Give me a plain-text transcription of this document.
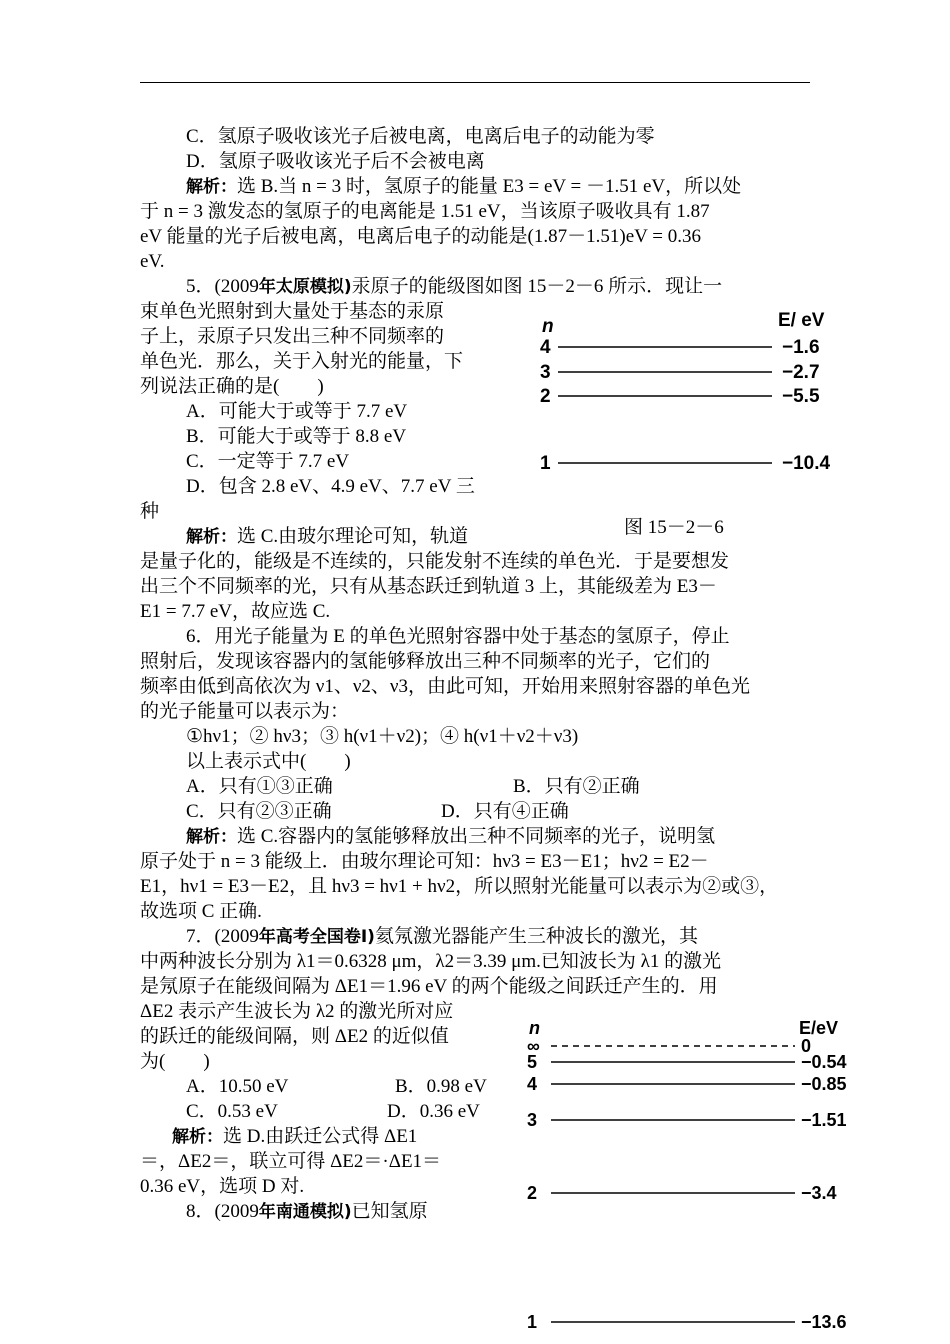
C．氢原子吸收该光子后被电离，电离后电子的动能为零
D．氢原子吸收该光子后不会被电离
解析：选 B.当 n = 3 时，氢原子的能量 E3 = eV = －1.51 eV，所以处
于 n = 3 激发态的氢原子的电离能是 1.51 eV，当该原子吸收具有 1.87
eV 能量的光子后被电离，电离后电子的动能是(1.87－1.51)eV = 0.36
eV.
5．(2009年太原模拟)汞原子的能级图如图 15－2－6 所示．现让一
束单色光照射到大量处于基态的汞原
子上，汞原子只发出三种不同频率的
单色光．那么，关于入射光的能量，下
列说法正确的是(　　)
A．可能大于或等于 7.7 eV
B．可能大于或等于 8.8 eV
C．一定等于 7.7 eV
D．包含 2.8 eV、4.9 eV、7.7 eV 三
种
解析：选 C.由玻尔理论可知，轨道
是量子化的，能级是不连续的，只能发射不连续的单色光．于是要想发
出三个不同频率的光，只有从基态跃迁到轨道 3 上，其能级差为 E3－
E1 = 7.7 eV，故应选 C.
6．用光子能量为 E 的单色光照射容器中处于基态的氢原子，停止
照射后，发现该容器内的氢能够释放出三种不同频率的光子，它们的
频率由低到高依次为 ν1、ν2、ν3，由此可知，开始用来照射容器的单色光
的光子能量可以表示为：
①hν1；② hν3；③ h(ν1＋ν2)；④ h(ν1＋ν2＋ν3)
以上表示式中(　　)
A．只有①③正确	B．只有②正确
C．只有②③正确	D．只有④正确
解析：选 C.容器内的氢能够释放出三种不同频率的光子，说明氢
原子处于 n = 3 能级上．由玻尔理论可知：hν3 = E3－E1；hν2 = E2－
E1，hν1 = E3－E2，且 hν3 = hν1 + hν2，所以照射光能量可以表示为②或③，
故选项 C 正确.
7．(2009年高考全国卷Ⅰ)氦氖激光器能产生三种波长的激光，其
中两种波长分别为 λ1＝0.6328 μm，λ2＝3.39 μm.已知波长为 λ1 的激光
是氖原子在能级间隔为 ΔE1＝1.96 eV 的两个能级之间跃迁产生的．用
ΔE2 表示产生波长为 λ2 的激光所对应
的跃迁的能级间隔，则 ΔE2 的近似值
为(　　)
A．10.50 eV	B．0.98 eV
C．0.53 eV	D．0.36 eV
解析：选 D.由跃迁公式得 ΔE1
＝，ΔE2＝，联立可得 ΔE2＝·ΔE1＝
0.36 eV，选项 D 对.
8．(2009年南通模拟)已知氢原
n	E/ eV
4	−1.6
3	−2.7
2	−5.5
1	−10.4
图 15－2－6
n	E/eV
∞	0
5	−0.54
4	−0.85
3	−1.51
2	−3.4
1	−13.6
